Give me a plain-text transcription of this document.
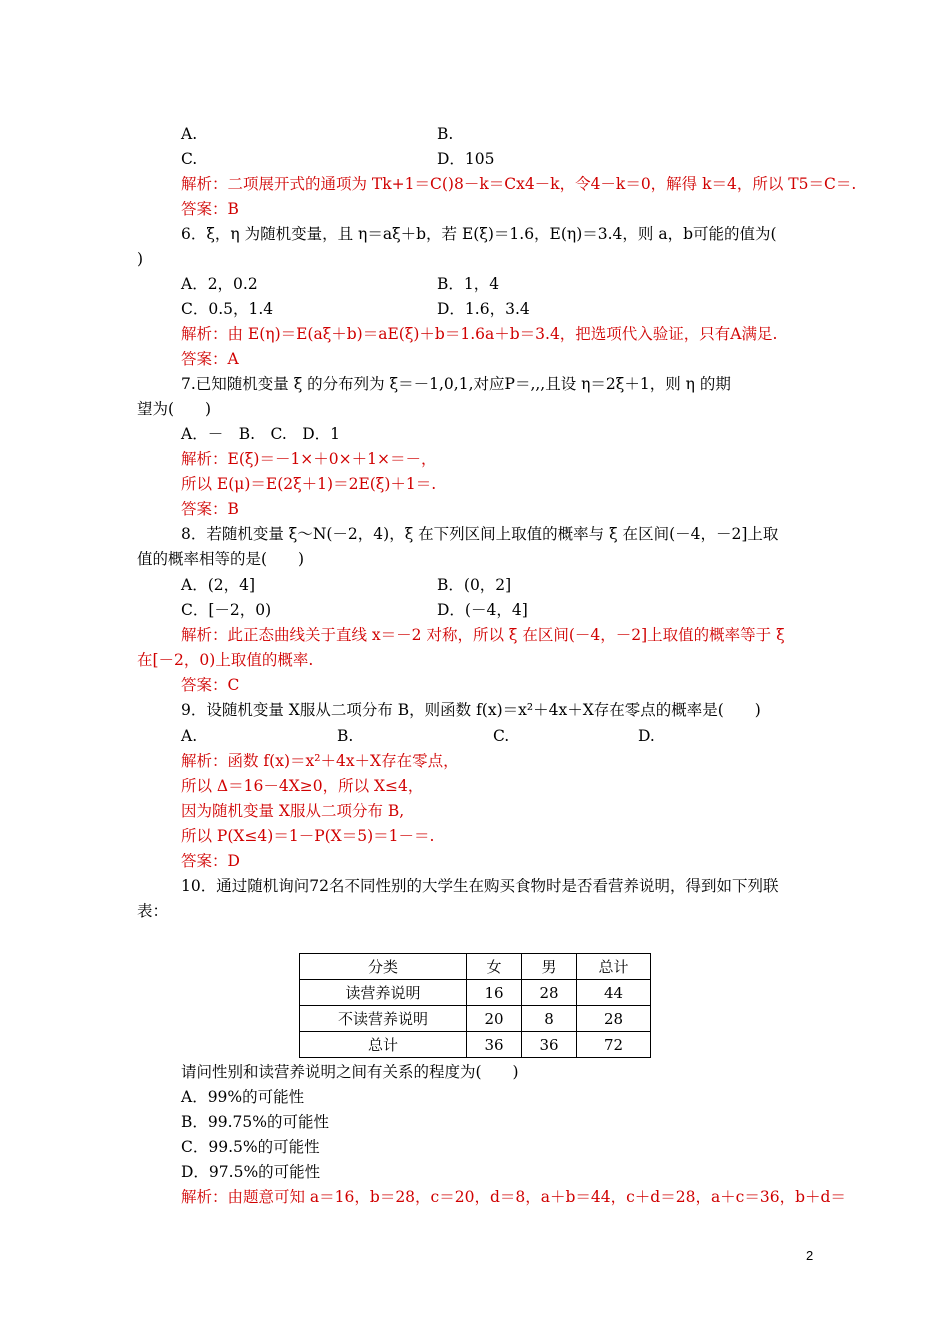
A.	B.
C.	D．105
解析：二项展开式的通项为 Tk+1＝C()8－k＝Cx4－k，令4－k＝0，解得 k＝4，所以 T5＝C＝.
答案：B
6．ξ，η 为随机变量，且 η＝aξ＋b，若 E(ξ)＝1.6，E(η)＝3.4，则 a，b可能的值为(
)
A．2，0.2	B．1，4
C．0.5，1.4	D．1.6，3.4
解析：由 E(η)＝E(aξ＋b)＝aE(ξ)＋b＝1.6a＋b＝3.4，把选项代入验证，只有A满足.
答案：A
7.已知随机变量 ξ 的分布列为 ξ＝－1,0,1,对应P＝,,,且设 η＝2ξ＋1，则 η 的期
望为(　　)
A．－　B.　C.　D．1
解析：E(ξ)＝－1×＋0×＋1×＝－，
所以 E(μ)＝E(2ξ＋1)＝2E(ξ)＋1＝.
答案：B
8．若随机变量 ξ～N(－2，4)，ξ 在下列区间上取值的概率与 ξ 在区间(－4，－2]上取
值的概率相等的是(　　)
A．(2，4]	B．(0，2]
C．[－2，0)	D．(－4，4]
解析：此正态曲线关于直线 x＝－2 对称，所以 ξ 在区间(－4，－2]上取值的概率等于 ξ
在[－2，0)上取值的概率.
答案：C
9．设随机变量 X服从二项分布 B，则函数 f(x)＝x²＋4x＋X存在零点的概率是(　　)
A.	B.	C.	D.
解析：函数 f(x)＝x²＋4x＋X存在零点，
所以 Δ＝16－4X≥0，所以 X≤4，
因为随机变量 X服从二项分布 B,
所以 P(X≤4)＝1－P(X＝5)＝1－＝.
答案：D
10．通过随机询问72名不同性别的大学生在购买食物时是否看营养说明，得到如下列联
表：
分类	女	男	总计
读营养说明	16	28	44
不读营养说明	20	8	28
总计	36	36	72
请问性别和读营养说明之间有关系的程度为(　　)
A．99%的可能性
B．99.75%的可能性
C．99.5%的可能性
D．97.5%的可能性
解析：由题意可知 a＝16，b＝28，c＝20，d＝8，a＋b＝44，c＋d＝28，a＋c＝36，b＋d＝
2
